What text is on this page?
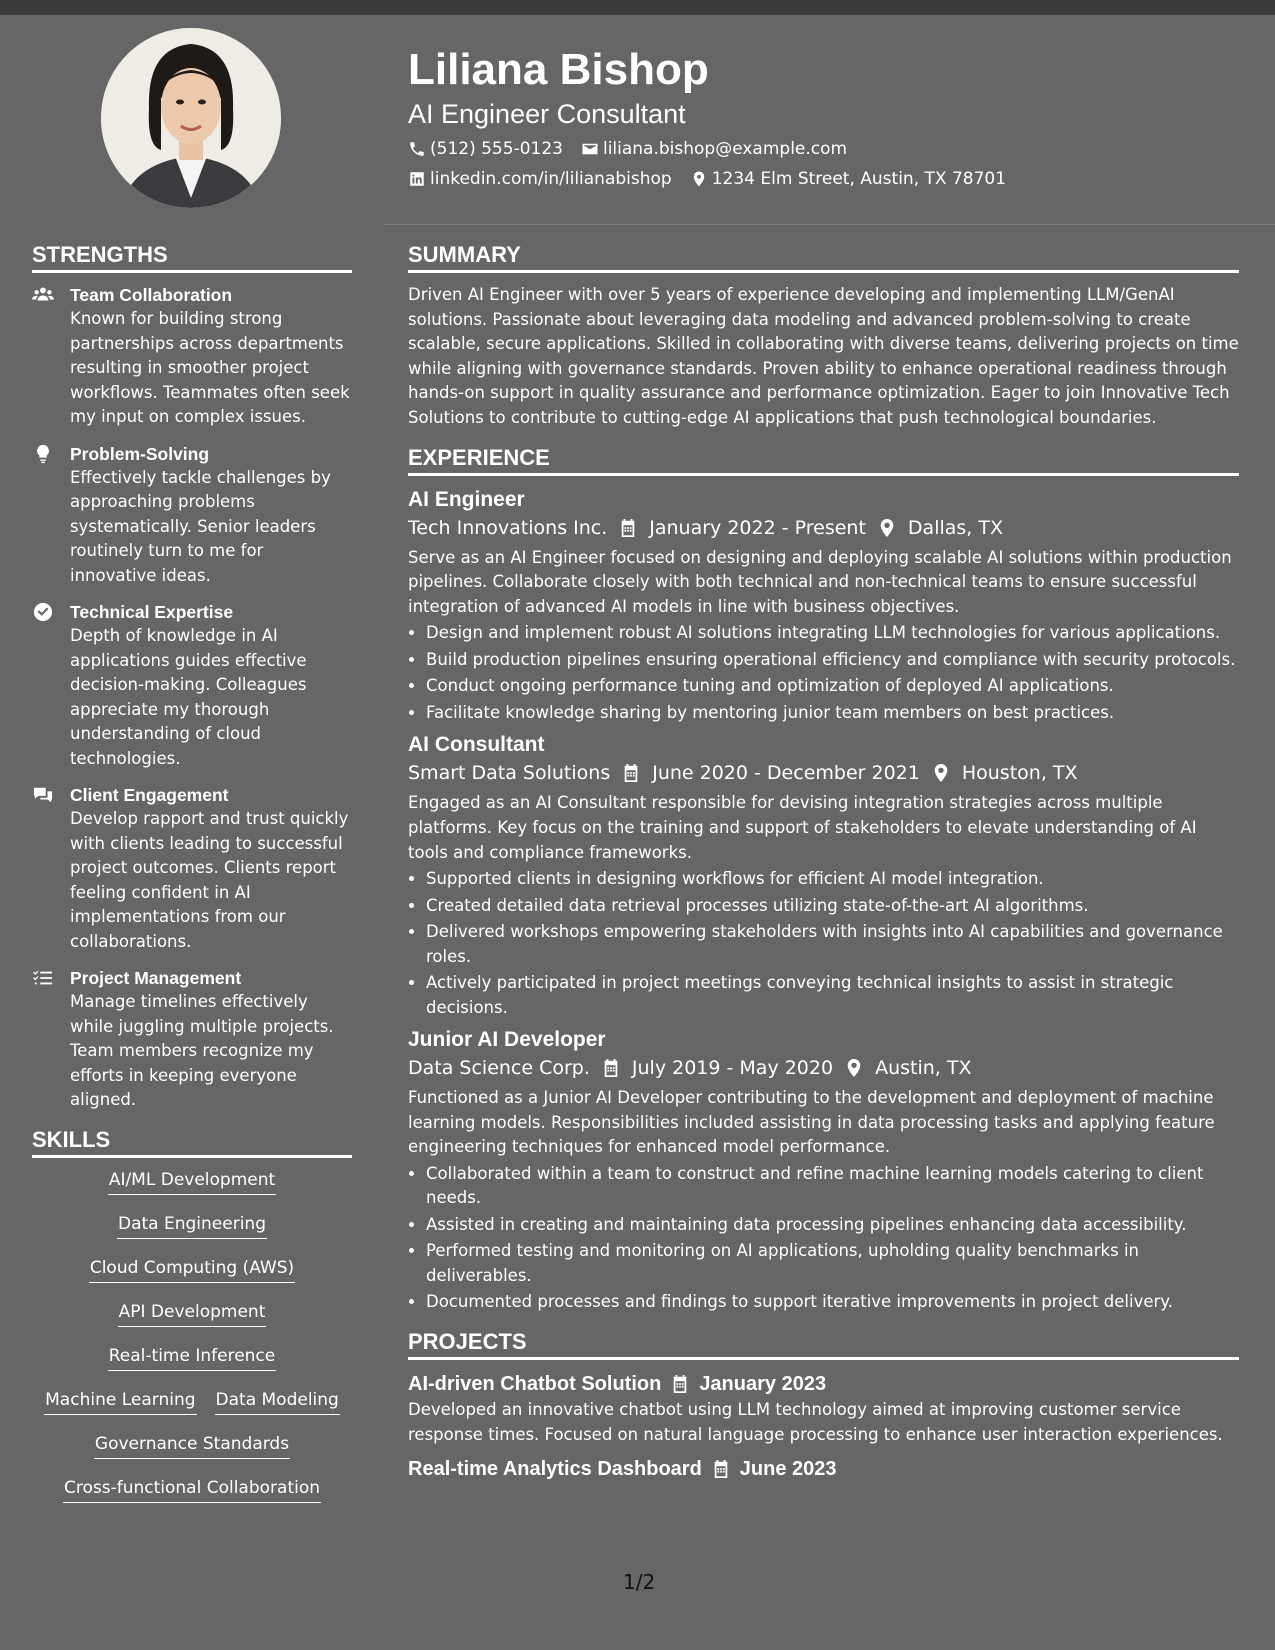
Liliana Bishop
AI Engineer Consultant
(512) 555-0123 liliana.bishop@example.com
linkedin.com/in/lilianabishop 1234 Elm Street, Austin, TX 78701
STRENGTHS
Team Collaboration
Known for building strong partnerships across departments resulting in smoother project workflows. Teammates often seek my input on complex issues.
Problem-Solving
Effectively tackle challenges by approaching problems systematically. Senior leaders routinely turn to me for innovative ideas.
Technical Expertise
Depth of knowledge in AI applications guides effective decision-making. Colleagues appreciate my thorough understanding of cloud technologies.
Client Engagement
Develop rapport and trust quickly with clients leading to successful project outcomes. Clients report feeling confident in AI implementations from our collaborations.
Project Management
Manage timelines effectively while juggling multiple projects. Team members recognize my efforts in keeping everyone aligned.
SKILLS
AI/ML Development
Data Engineering
Cloud Computing (AWS)
API Development
Real-time Inference
Machine Learning Data Modeling
Governance Standards
Cross-functional Collaboration
SUMMARY
Driven AI Engineer with over 5 years of experience developing and implementing LLM/GenAI solutions. Passionate about leveraging data modeling and advanced problem-solving to create scalable, secure applications. Skilled in collaborating with diverse teams, delivering projects on time while aligning with governance standards. Proven ability to enhance operational readiness through hands-on support in quality assurance and performance optimization. Eager to join Innovative Tech Solutions to contribute to cutting-edge AI applications that push technological boundaries.
EXPERIENCE
AI Engineer
Tech Innovations Inc. January 2022 - Present Dallas, TX
Serve as an AI Engineer focused on designing and deploying scalable AI solutions within production pipelines. Collaborate closely with both technical and non-technical teams to ensure successful integration of advanced AI models in line with business objectives.
• Design and implement robust AI solutions integrating LLM technologies for various applications.
• Build production pipelines ensuring operational efficiency and compliance with security protocols.
• Conduct ongoing performance tuning and optimization of deployed AI applications.
• Facilitate knowledge sharing by mentoring junior team members on best practices.
AI Consultant
Smart Data Solutions June 2020 - December 2021 Houston, TX
Engaged as an AI Consultant responsible for devising integration strategies across multiple platforms. Key focus on the training and support of stakeholders to elevate understanding of AI tools and compliance frameworks.
• Supported clients in designing workflows for efficient AI model integration.
• Created detailed data retrieval processes utilizing state-of-the-art AI algorithms.
• Delivered workshops empowering stakeholders with insights into AI capabilities and governance roles.
• Actively participated in project meetings conveying technical insights to assist in strategic decisions.
Junior AI Developer
Data Science Corp. July 2019 - May 2020 Austin, TX
Functioned as a Junior AI Developer contributing to the development and deployment of machine learning models. Responsibilities included assisting in data processing tasks and applying feature engineering techniques for enhanced model performance.
• Collaborated within a team to construct and refine machine learning models catering to client needs.
• Assisted in creating and maintaining data processing pipelines enhancing data accessibility.
• Performed testing and monitoring on AI applications, upholding quality benchmarks in deliverables.
• Documented processes and findings to support iterative improvements in project delivery.
PROJECTS
AI-driven Chatbot Solution January 2023
Developed an innovative chatbot using LLM technology aimed at improving customer service response times. Focused on natural language processing to enhance user interaction experiences.
Real-time Analytics Dashboard June 2023
1/2
